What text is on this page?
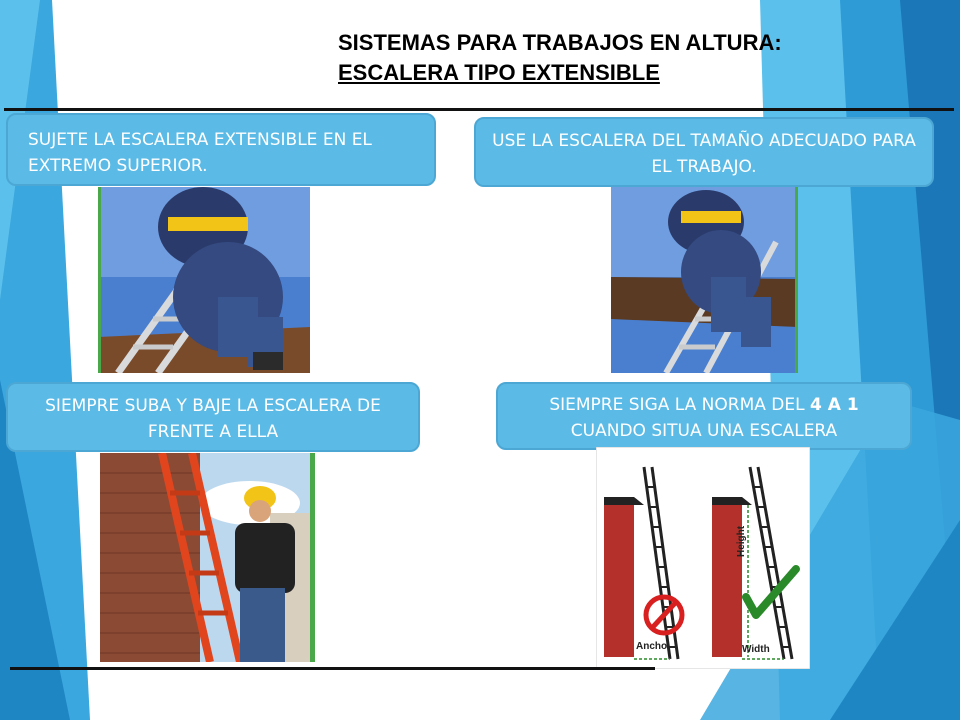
SISTEMAS PARA TRABAJOS EN ALTURA:
ESCALERA TIPO EXTENSIBLE
SUJETE LA ESCALERA EXTENSIBLE EN EL EXTREMO SUPERIOR.
USE LA ESCALERA DEL TAMAÑO ADECUADO PARA EL TRABAJO.
SIEMPRE SUBA Y BAJE LA ESCALERA DE FRENTE A ELLA
SIEMPRE SIGA LA NORMA DEL 4 A 1
CUANDO SITUA UNA ESCALERA
Ancho	Width
Height
